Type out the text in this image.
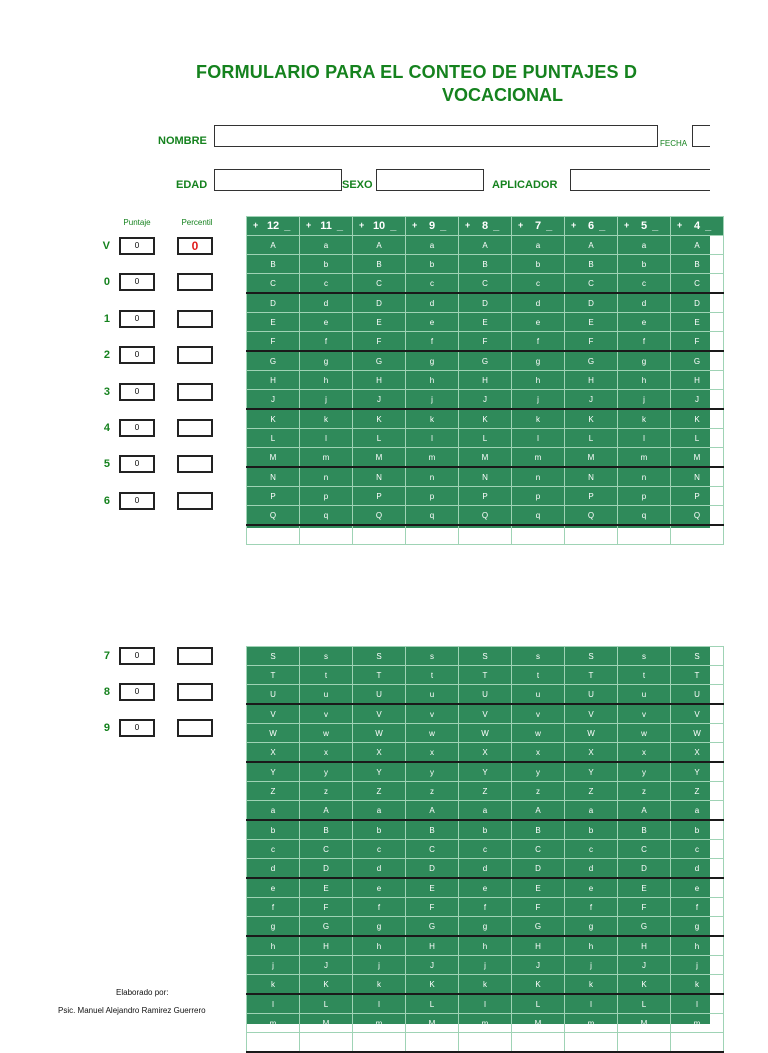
FORMULARIO PARA EL CONTEO DE PUNTAJES D
VOCACIONAL
NOMBRE	FECHA
EDAD	SEXO	APLICADOR
Puntaje	Percentil
V	0	0
0	0
1	0
2	0
3	0
4	0
5	0
6	0
7	0
8	0
9	0
+ 12 _	+ 11 _	+ 10 _	+ 9 _	+ 8 _	+ 7 _	+ 6 _	+ 5 _	+ 4 _
A	a	A	a	A	a	A	a	A
B	b	B	b	B	b	B	b	B
C	c	C	c	C	c	C	c	C
D	d	D	d	D	d	D	d	D
E	e	E	e	E	e	E	e	E
F	f	F	f	F	f	F	f	F
G	g	G	g	G	g	G	g	G
H	h	H	h	H	h	H	h	H
J	j	J	j	J	j	J	j	J
K	k	K	k	K	k	K	k	K
L	l	L	l	L	l	L	l	L
M	m	M	m	M	m	M	m	M
N	n	N	n	N	n	N	n	N
P	p	P	p	P	p	P	p	P
Q	q	Q	q	Q	q	Q	q	Q
R	r	R	r	R	r	R	r	R
S	s	S	s	S	s	S	s	S
T	t	T	t	T	t	T	t	T
U	u	U	u	U	u	U	u	U
V	v	V	v	V	v	V	v	V
W	w	W	w	W	w	W	w	W
X	x	X	x	X	x	X	x	X
Y	y	Y	y	Y	y	Y	y	Y
Z	z	Z	z	Z	z	Z	z	Z
a	A	a	A	a	A	a	A	a
b	B	b	B	b	B	b	B	b
c	C	c	C	c	C	c	C	c
d	D	d	D	d	D	d	D	d
e	E	e	E	e	E	e	E	e
f	F	f	F	f	F	f	F	f
g	G	g	G	g	G	g	G	g
h	H	h	H	h	H	h	H	h
j	J	j	J	j	J	j	J	j
k	K	k	K	k	K	k	K	k
l	L	l	L	l	L	l	L	l
m	M	m	M	m	M	m	M	m
n	N	n	N	n	N	n	N	n
Elaborado por:
Psic. Manuel Alejandro Ramirez Guerrero
